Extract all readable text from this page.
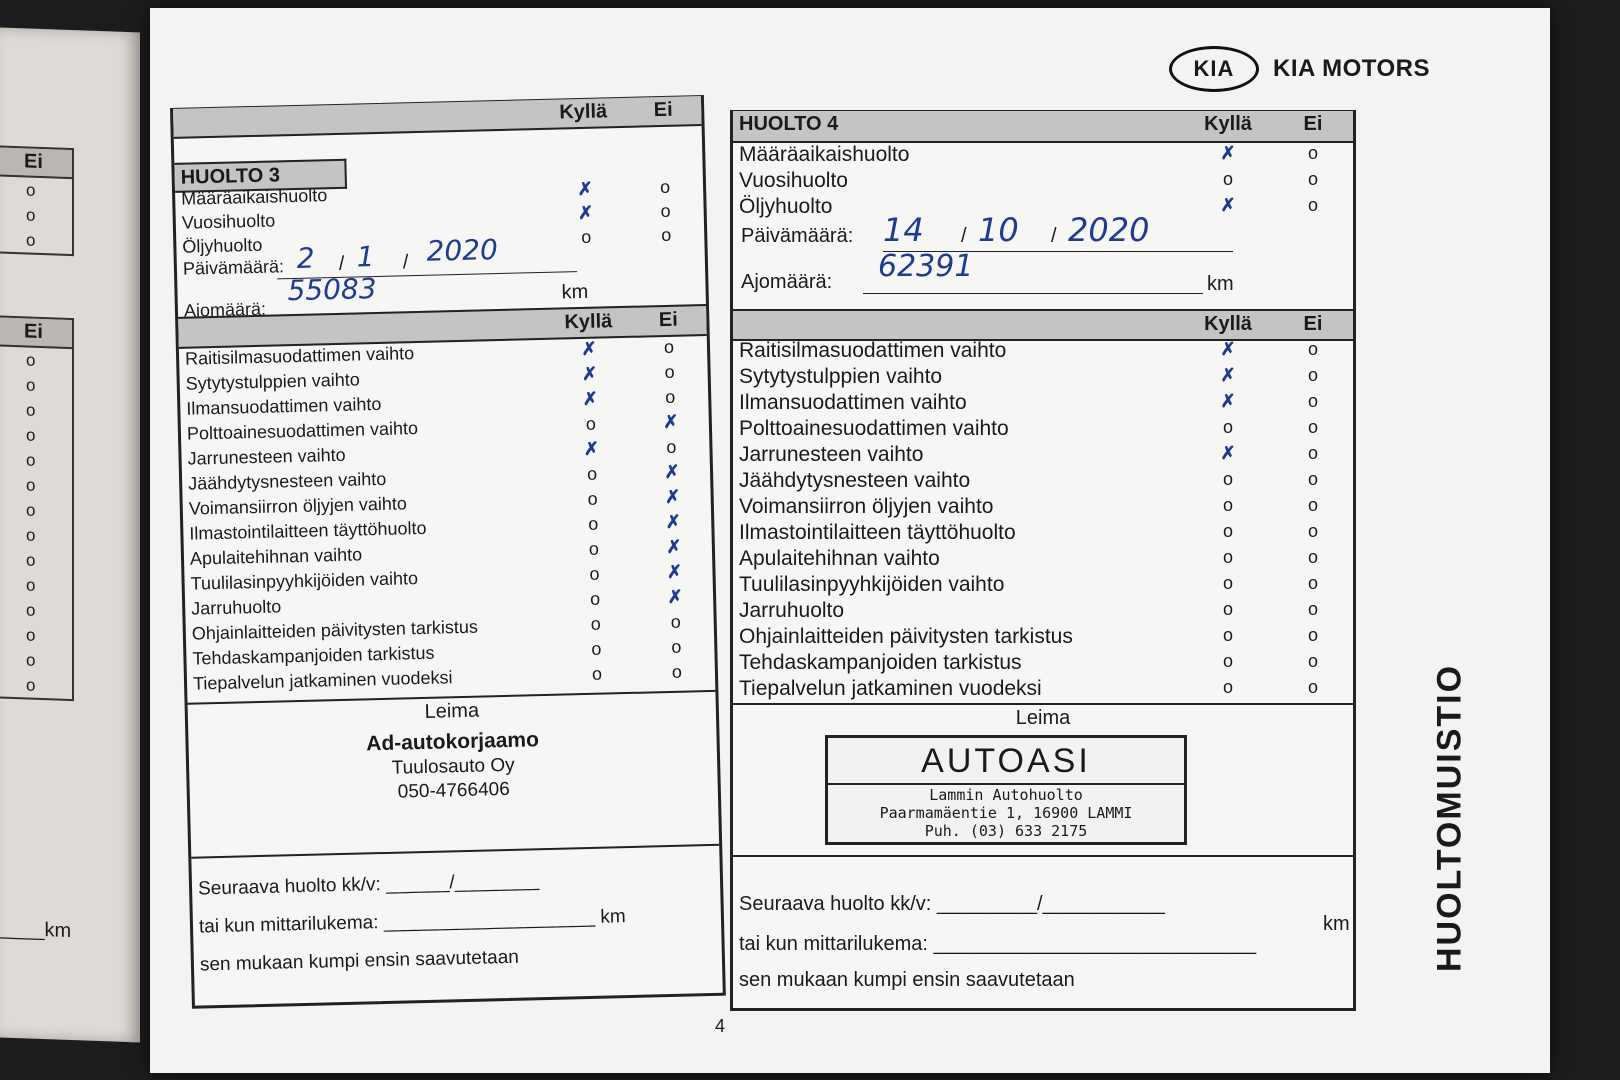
Ei
o
o
o
Ei
o
o
o
o
o
o
o
o
o
o
o
o
o
o
____km
KIA	KIA MOTORS
HUOLTOMUISTIO
4
Kyllä	Ei
HUOLTO 3
Määräaikaishuolto	✗	o
Vuosihuolto	✗	o
Öljyhuolto	o	o
Päivämäärä: 2 / 1 / 2020
Ajomäärä:
55083	km
Kyllä	Ei
Raitisilmasuodattimen vaihto	✗	o
Sytytystulppien vaihto	✗	o
Ilmansuodattimen vaihto	✗	o
Polttoainesuodattimen vaihto	o	✗
Jarrunesteen vaihto	✗	o
Jäähdytysnesteen vaihto	o	✗
Voimansiirron öljyjen vaihto	o	✗
Ilmastointilaitteen täyttöhuolto	o	✗
Apulaitehihnan vaihto	o	✗
Tuulilasinpyyhkijöiden vaihto	o	✗
Jarruhuolto	o	✗
Ohjainlaitteiden päivitysten tarkistus	o	o
Tehdaskampanjoiden tarkistus	o	o
Tiepalvelun jatkaminen vuodeksi	o	o
Leima
Ad-autokorjaamo
Tuulosauto Oy
050-4766406
Seuraava huolto kk/v: ______/________
tai kun mittarilukema: ____________________ km
sen mukaan kumpi ensin saavutetaan
HUOLTO 4	Kyllä	Ei
Määräaikaishuolto	✗	o
Vuosihuolto	o	o
Öljyhuolto	✗	o
Päivämäärä: 14 / 10 / 2020
Ajomäärä: 62391	km
Kyllä	Ei
Raitisilmasuodattimen vaihto	✗	o
Sytytystulppien vaihto	✗	o
Ilmansuodattimen vaihto	✗	o
Polttoainesuodattimen vaihto	o	o
Jarrunesteen vaihto	✗	o
Jäähdytysnesteen vaihto	o	o
Voimansiirron öljyjen vaihto	o	o
Ilmastointilaitteen täyttöhuolto	o	o
Apulaitehihnan vaihto	o	o
Tuulilasinpyyhkijöiden vaihto	o	o
Jarruhuolto	o	o
Ohjainlaitteiden päivitysten tarkistus	o	o
Tehdaskampanjoiden tarkistus	o	o
Tiepalvelun jatkaminen vuodeksi	o	o
Leima
AUTOASI
Lammin Autohuolto
Paarmamäentie 1, 16900 LAMMI
Puh. (03) 633 2175
Seuraava huolto kk/v: _________/___________
km
tai kun mittarilukema: _____________________________
sen mukaan kumpi ensin saavutetaan
